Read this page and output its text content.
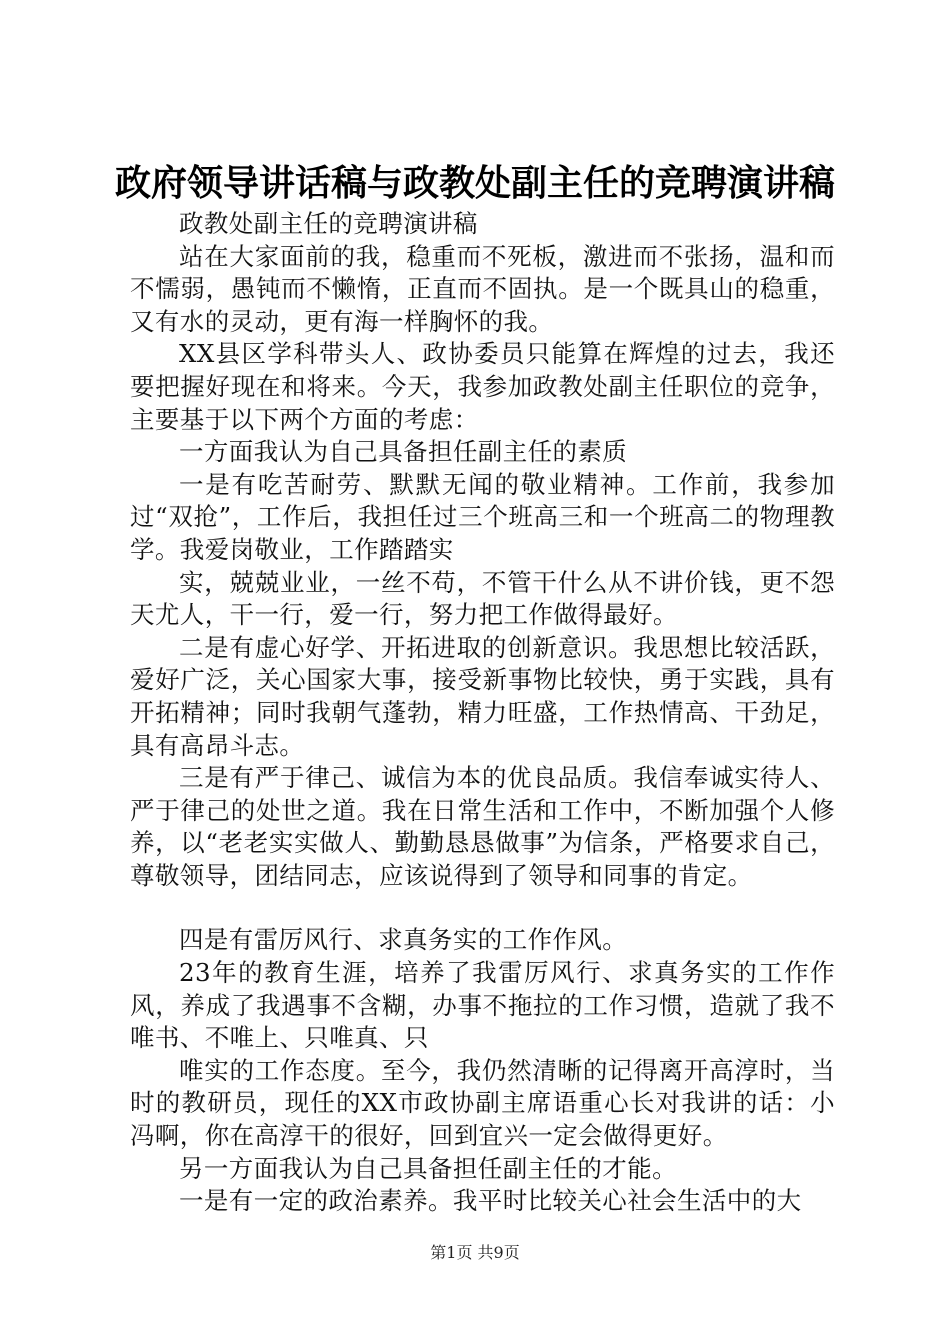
政府领导讲话稿与政教处副主任的竞聘演讲稿

政教处副主任的竞聘演讲稿

站在大家面前的我，稳重而不死板，激进而不张扬，温和而不懦弱，愚钝而不懒惰，正直而不固执。是一个既具山的稳重，又有水的灵动，更有海一样胸怀的我。

XX县区学科带头人、政协委员只能算在辉煌的过去，我还要把握好现在和将来。今天，我参加政教处副主任职位的竞争，主要基于以下两个方面的考虑：

一方面我认为自己具备担任副主任的素质

一是有吃苦耐劳、默默无闻的敬业精神。工作前，我参加过“双抢”，工作后，我担任过三个班高三和一个班高二的物理教学。我爱岗敬业，工作踏踏实

实，兢兢业业，一丝不苟，不管干什么从不讲价钱，更不怨天尤人，干一行，爱一行，努力把工作做得最好。

二是有虚心好学、开拓进取的创新意识。我思想比较活跃，爱好广泛，关心国家大事，接受新事物比较快，勇于实践，具有开拓精神；同时我朝气蓬勃，精力旺盛，工作热情高、干劲足，具有高昂斗志。

三是有严于律己、诚信为本的优良品质。我信奉诚实待人、严于律己的处世之道。我在日常生活和工作中，不断加强个人修养，以“老老实实做人、勤勤恳恳做事”为信条，严格要求自己，尊敬领导，团结同志，应该说得到了领导和同事的肯定。

四是有雷厉风行、求真务实的工作作风。

23年的教育生涯，培养了我雷厉风行、求真务实的工作作风，养成了我遇事不含糊，办事不拖拉的工作习惯，造就了我不唯书、不唯上、只唯真、只

唯实的工作态度。至今，我仍然清晰的记得离开高淳时，当时的教研员，现任的XX市政协副主席语重心长对我讲的话：小冯啊，你在高淳干的很好，回到宜兴一定会做得更好。

另一方面我认为自己具备担任副主任的才能。

一是有一定的政治素养。我平时比较关心社会生活中的大

第1页 共9页
